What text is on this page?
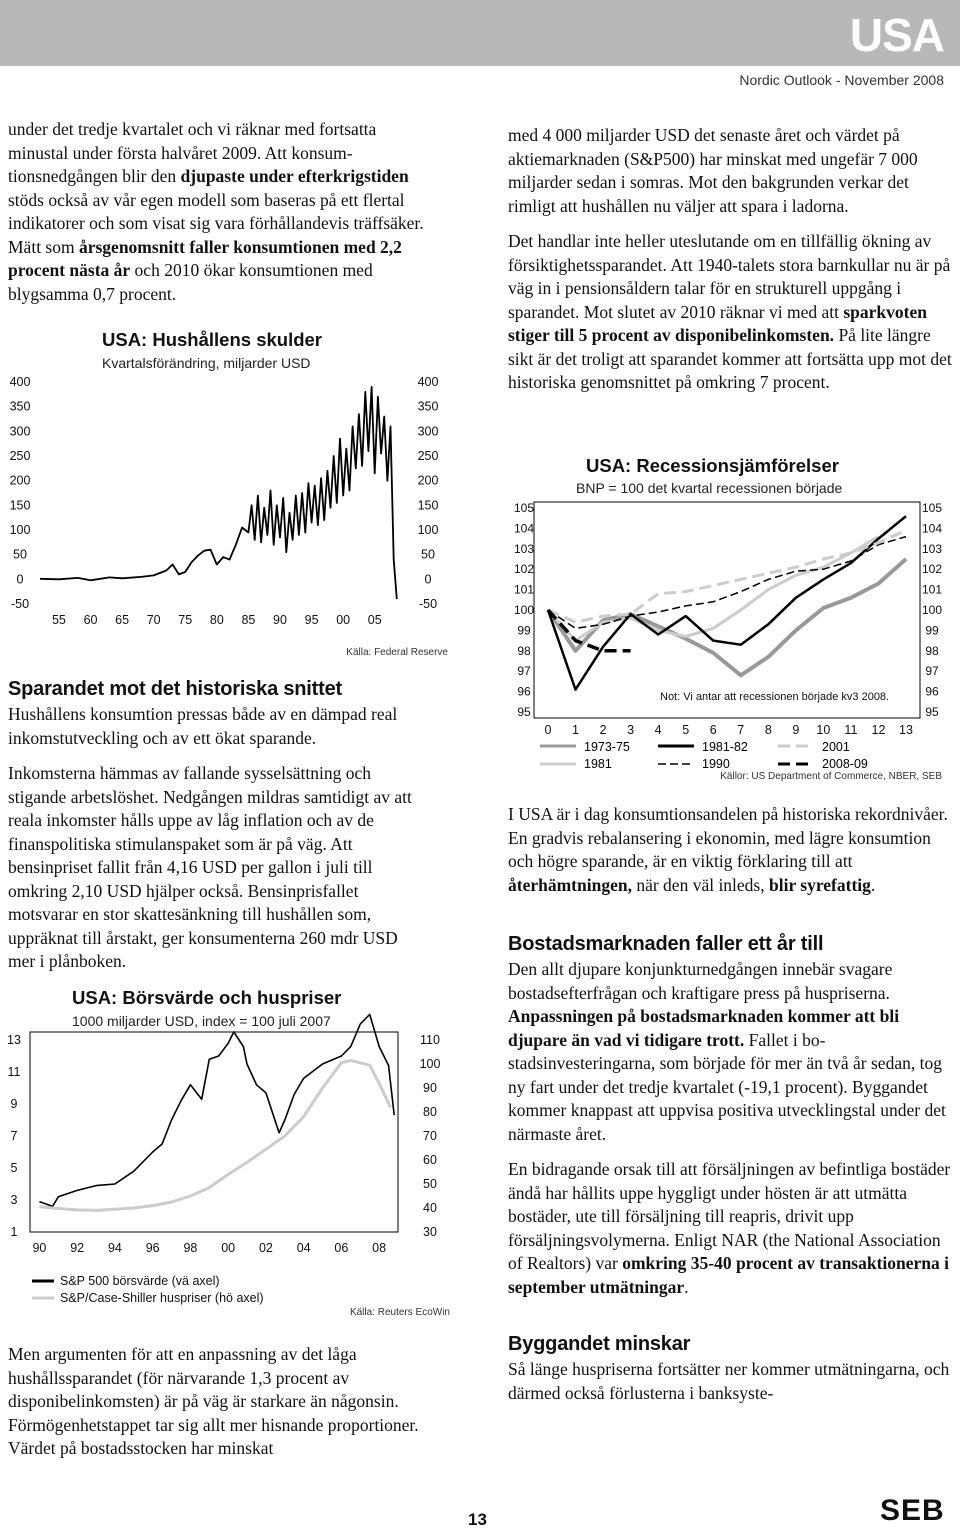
USA
Nordic Outlook - November 2008

under det tredje kvartalet och vi räknar med fortsatta minustal under första halvåret 2009. Att konsumtionsnedgången blir den djupaste under efterkrigstiden stöds också av vår egen modell som baseras på ett flertal indikatorer och som visat sig vara förhållandevis träffsäker. Mätt som årsgenomsnitt faller konsumtionen med 2,2 procent nästa år och 2010 ökar konsumtionen med blygsamma 0,7 procent.

USA: Hushållens skulder
Kvartalsförändring, miljarder USD
Källa: Federal Reserve
400	400
350	350
300	300
250	250
200	200
150	150
100	100
50	50
0	0
-50	-50
55 60 65 70 75 80 85 90 95 00 05
Sparandet mot det historiska snittet

Hushållens konsumtion pressas både av en dämpad real inkomstutveckling och av ett ökat sparande.

Inkomsterna hämmas av fallande sysselsättning och stigande arbetslöshet. Nedgången mildras samtidigt av att reala inkomster hålls uppe av låg inflation och av de finanspolitiska stimulanspaket som är på väg. Att bensinpriset fallit från 4,16 USD per gallon i juli till omkring 2,10 USD hjälper också. Bensinprisfallet motsvarar en stor skattesänkning till hushållen som, uppräknat till årstakt, ger konsumenterna 260 mdr USD mer i plånboken.

USA: Börsvärde och huspriser
1000 miljarder USD, index = 100 juli 2007
S&P 500 börsvärde (vä axel)
S&P/Case-Shiller huspriser (hö axel)
Källa: Reuters EcoWin
13
11
9
7
5
3
1
110
100
90
80
70
60
50
40
30
90 92 94 96 98 00 02 04 06 08

Men argumenten för att en anpassning av det låga hushållssparandet (för närvarande 1,3 procent av disponibelinkomsten) är på väg är starkare än någonsin. Förmögenhetstappet tar sig allt mer hisnande proportioner. Värdet på bostadsstocken har minskat

med 4 000 miljarder USD det senaste året och värdet på aktiemarknaden (S&P500) har minskat med ungefär 7 000 miljarder sedan i somras. Mot den bakgrunden verkar det rimligt att hushållen nu väljer att spara i ladorna.

Det handlar inte heller uteslutande om en tillfällig ökning av försiktighetssparandet. Att 1940-talets stora barnkullar nu är på väg in i pensionsåldern talar för en strukturell uppgång i sparandet. Mot slutet av 2010 räknar vi med att sparkvoten stiger till 5 procent av disponibelinkomsten. På lite längre sikt är det troligt att sparandet kommer att fortsätta upp mot det historiska genomsnittet på omkring 7 procent.

USA: Recessionsjämförelser
BNP = 100 det kvartal recessionen började
Not: Vi antar att recessionen började kv3 2008.
1973-75
1981
1981-82
1990
2001
2008-09
Källor: US Department of Commerce, NBER, SEB
105	105
104	104
103	103
102	102
101	101
100	100
99	99
98	98
97	97
96	96
95	95
0 1 2 3 4 5 6 7 8 9 10 11 12 13

I USA är i dag konsumtionsandelen på historiska rekordnivåer. En gradvis rebalansering i ekonomin, med lägre konsumtion och högre sparande, är en viktig förklaring till att återhämtningen, när den väl inleds, blir syrefattig.

Bostadsmarknaden faller ett år till

Den allt djupare konjunkturnedgången innebär svagare bostadsefterfrågan och kraftigare press på huspriserna. Anpassningen på bostadsmarknaden kommer att bli djupare än vad vi tidigare trott. Fallet i bostadsinvesteringarna, som började för mer än två år sedan, tog ny fart under det tredje kvartalet (-19,1 procent). Byggandet kommer knappast att uppvisa positiva utvecklingstal under det närmaste året.

En bidragande orsak till att försäljningen av befintliga bostäder ändå har hållits uppe hyggligt under hösten är att utmätta bostäder, ute till försäljning till reapris, drivit upp försäljningsvolymerna. Enligt NAR (the National Association of Realtors) var omkring 35-40 procent av transaktionerna i september utmätningar.

Byggandet minskar

Så länge huspriserna fortsätter ner kommer utmätningarna, och därmed också förlusterna i banksyste-

13	SEB
